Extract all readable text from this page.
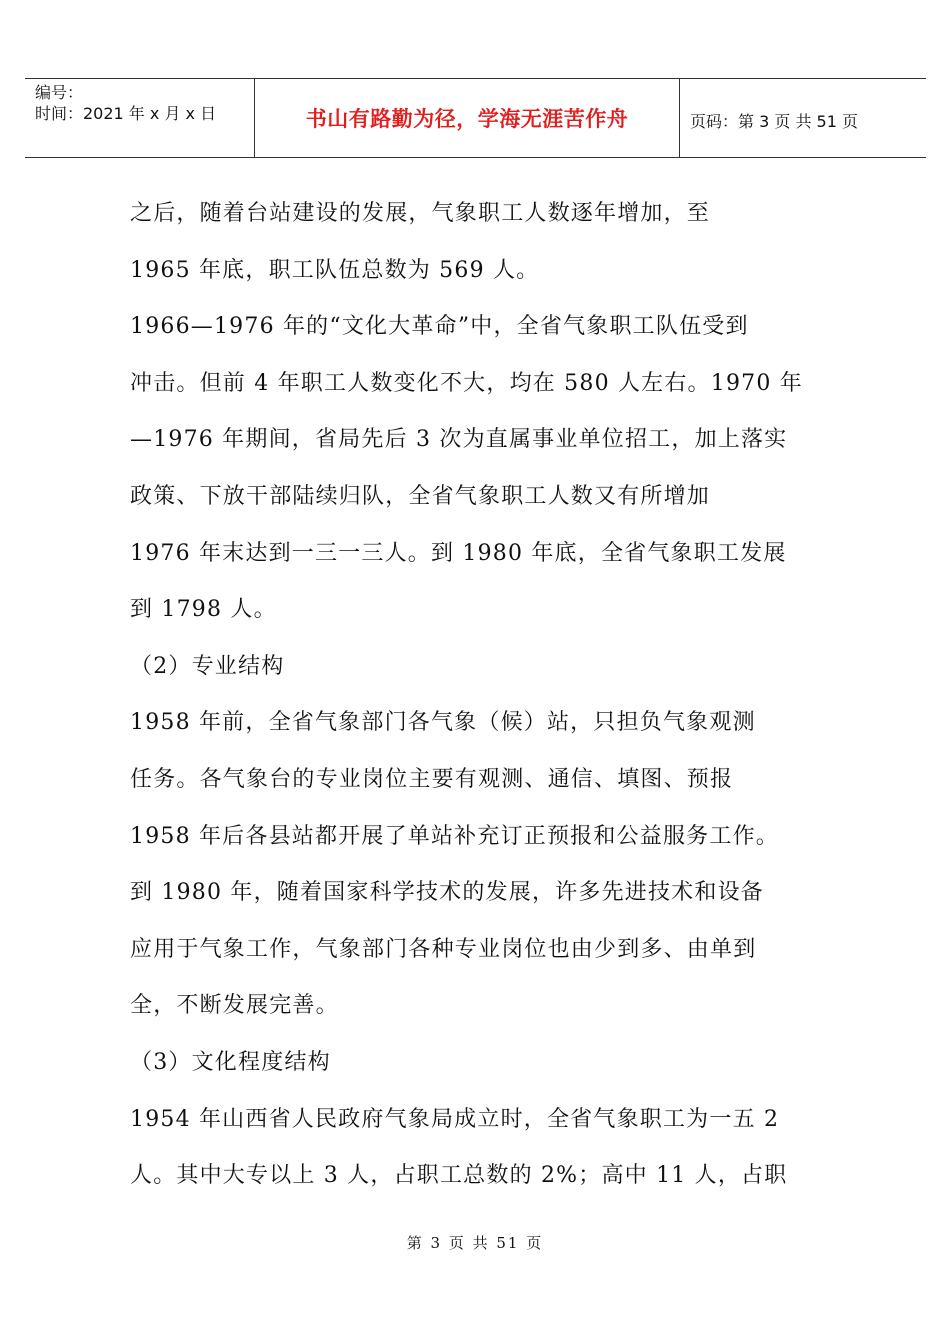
编号：
时间：2021 年 x 月 x 日	书山有路勤为径，学海无涯苦作舟	页码：第 3 页 共 51 页

之后，随着台站建设的发展，气象职工人数逐年增加，至

1965 年底，职工队伍总数为 569 人。

1966—1976 年的“文化大革命”中，全省气象职工队伍受到

冲击。但前 4 年职工人数变化不大，均在 580 人左右。1970 年

—1976 年期间，省局先后 3 次为直属事业单位招工，加上落实

政策、下放干部陆续归队，全省气象职工人数又有所增加

1976 年末达到一三一三人。到 1980 年底，全省气象职工发展

到 1798 人。

（2）专业结构

1958 年前，全省气象部门各气象（候）站，只担负气象观测

任务。各气象台的专业岗位主要有观测、通信、填图、预报

1958 年后各县站都开展了单站补充订正预报和公益服务工作。

到 1980 年，随着国家科学技术的发展，许多先进技术和设备

应用于气象工作，气象部门各种专业岗位也由少到多、由单到

全，不断发展完善。

（3）文化程度结构

1954 年山西省人民政府气象局成立时，全省气象职工为一五 2

人。其中大专以上 3 人，占职工总数的 2%；高中 11 人，占职

第 3 页 共 51 页
